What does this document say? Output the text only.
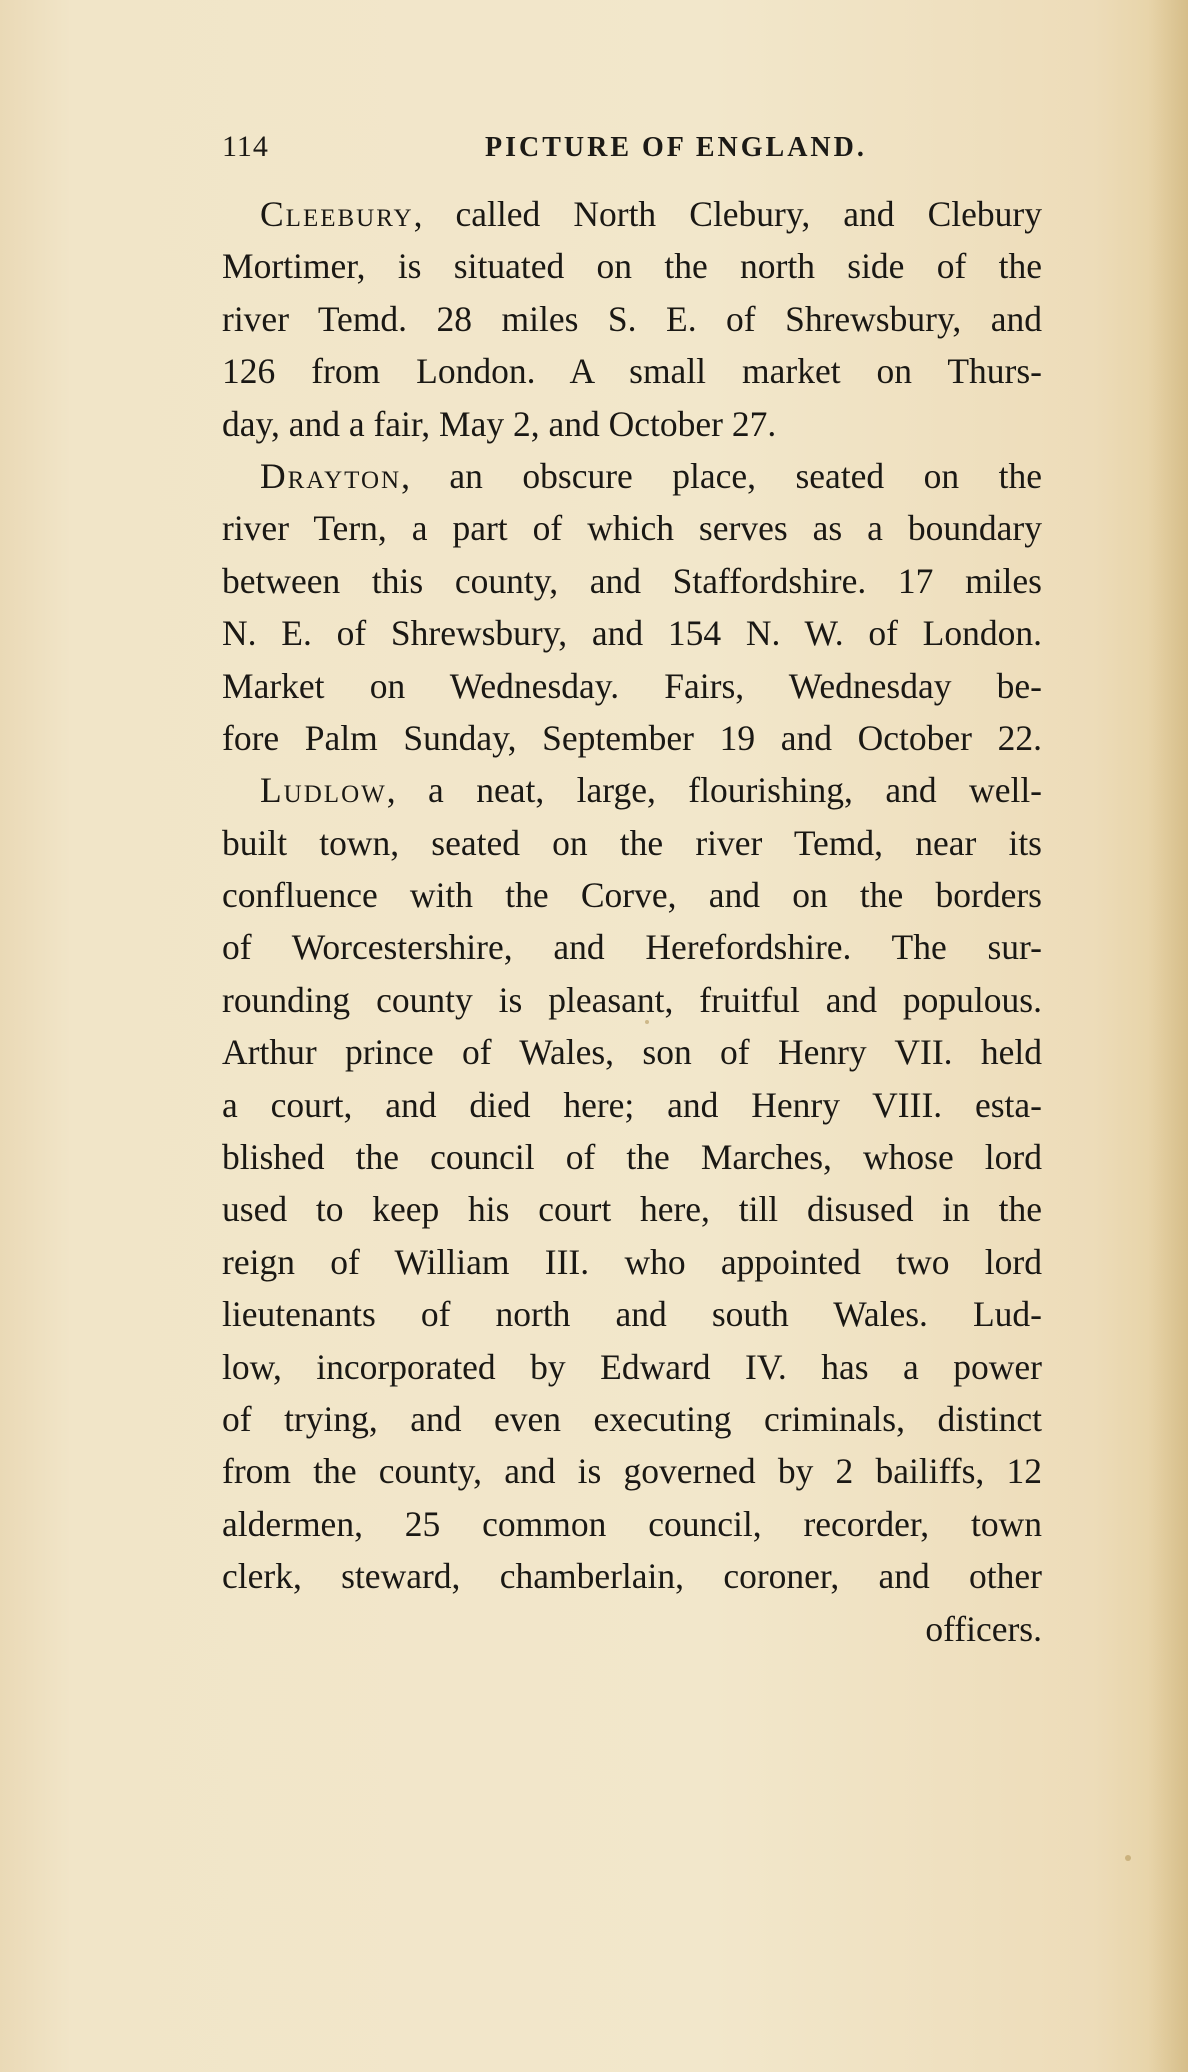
114	PICTURE OF ENGLAND.
Cleebury, called North Clebury, and Clebury
Mortimer, is situated on the north side of the
river Temd. 28 miles S. E. of Shrewsbury, and
126 from London. A small market on Thurs-
day, and a fair, May 2, and October 27.
Drayton, an obscure place, seated on the
river Tern, a part of which serves as a boundary
between this county, and Staffordshire. 17 miles
N. E. of Shrewsbury, and 154 N. W. of London.
Market on Wednesday. Fairs, Wednesday be-
fore Palm Sunday, September 19 and October 22.
Ludlow, a neat, large, flourishing, and well-
built town, seated on the river Temd, near its
confluence with the Corve, and on the borders
of Worcestershire, and Herefordshire. The sur-
rounding county is pleasant, fruitful and populous.
Arthur prince of Wales, son of Henry VII. held
a court, and died here; and Henry VIII. esta-
blished the council of the Marches, whose lord
used to keep his court here, till disused in the
reign of William III. who appointed two lord
lieutenants of north and south Wales. Lud-
low, incorporated by Edward IV. has a power
of trying, and even executing criminals, distinct
from the county, and is governed by 2 bailiffs, 12
aldermen, 25 common council, recorder, town
clerk, steward, chamberlain, coroner, and other
officers.
